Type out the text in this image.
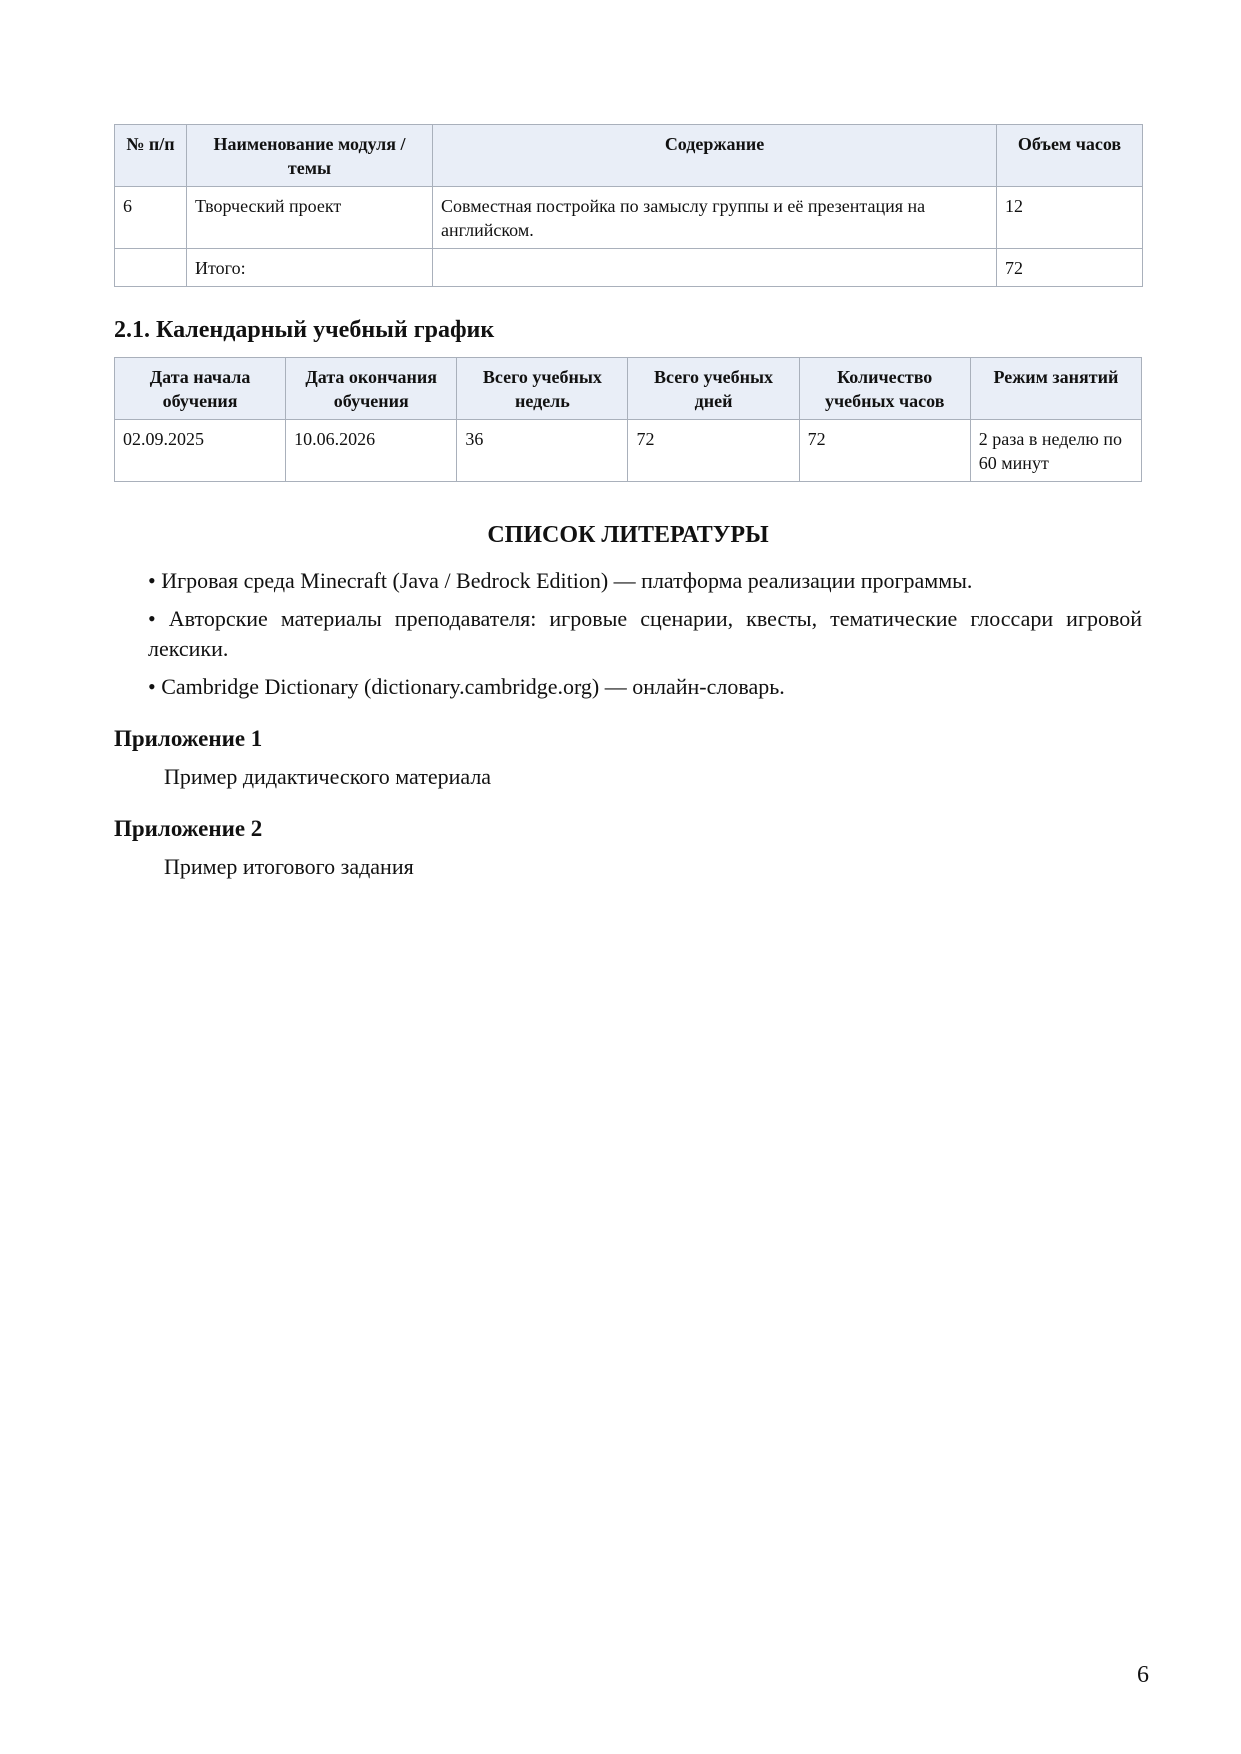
№ п/п	Наименование модуля / темы	Содержание	Объем часов
6	Творческий проект	Совместная постройка по замыслу группы и её презентация на английском.	12
	Итого:		72
2.1. Календарный учебный график
Дата начала обучения	Дата окончания обучения	Всего учебных недель	Всего учебных дней	Количество учебных часов	Режим занятий
02.09.2025	10.06.2026	36	72	72	2 раза в неделю по 60 минут
СПИСОК ЛИТЕРАТУРЫ

• Игровая среда Minecraft (Java / Bedrock Edition) — платформа реализации программы.

• Авторские материалы преподавателя: игровые сценарии, квесты, тематические глоссари игровой лексики.

• Cambridge Dictionary (dictionary.cambridge.org) — онлайн-словарь.

Приложение 1
Пример дидактического материала
Приложение 2
Пример итогового задания
6
